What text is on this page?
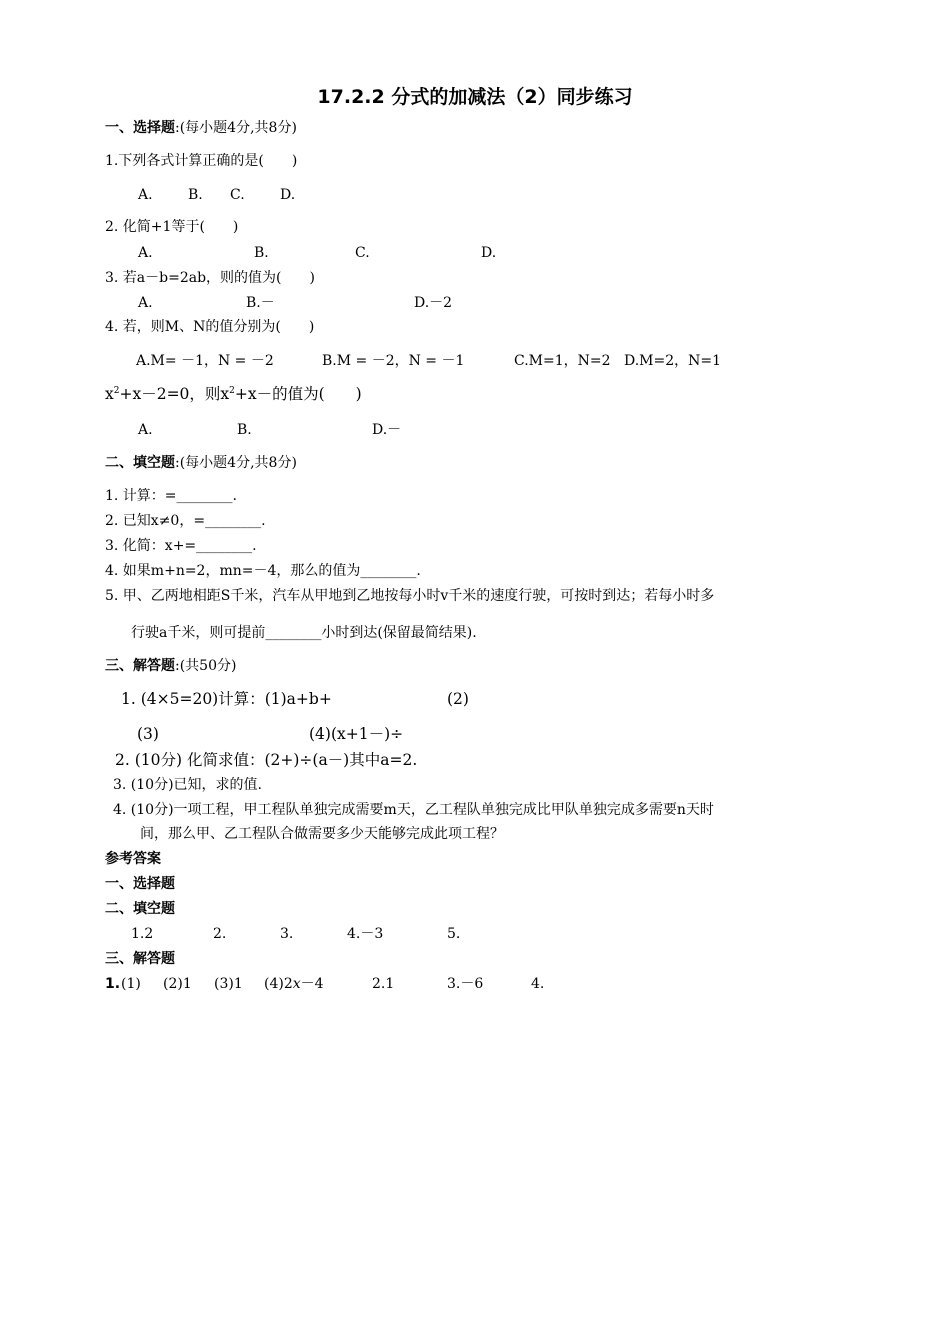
17.2.2 分式的加减法（2）同步练习
一、选择题:(每小题4分,共8分)
1.下列各式计算正确的是(　　)
A.	B. C.	D.
2. 化简+1等于(　　)
A.	B.	C.	D.
3. 若a－b=2ab，则的值为(　　)
A.	B.－	D.－2
4. 若，则M、N的值分别为(　　)
A.M= －1，N = －2	B.M = －2，N = －1	C.M=1，N=2 D.M=2，N=1
$x^2+x-2=0$，则$x^2+x-$的值为(　　)
A.	B.	D.－
二、填空题:(每小题4分,共8分)
1. 计算：=________.
2. 已知x≠0，=________.
3. 化简：x+=________.
4. 如果m+n=2，mn=－4，那么的值为________.
5. 甲、乙两地相距S千米，汽车从甲地到乙地按每小时v千米的速度行驶，可按时到达；若每小时多
行驶a千米，则可提前________小时到达(保留最简结果).
三、解答题:(共50分)
1. (4×5=20)计算：(1)a+b+	(2)
(3)	(4)(x+1－)÷
2. (10分) 化简求值：(2+)÷(a－)其中a=2.
3. (10分)已知，求的值.
4. (10分)一项工程，甲工程队单独完成需要m天，乙工程队单独完成比甲队单独完成多需要n天时
间，那么甲、乙工程队合做需要多少天能够完成此项工程？
参考答案
一、选择题
二、填空题
1.2	2.	3.	4.－3	5.
三、解答题
1. (1) (2)1 (3)1 (4)2x－4	2.1	3.－6	4.
